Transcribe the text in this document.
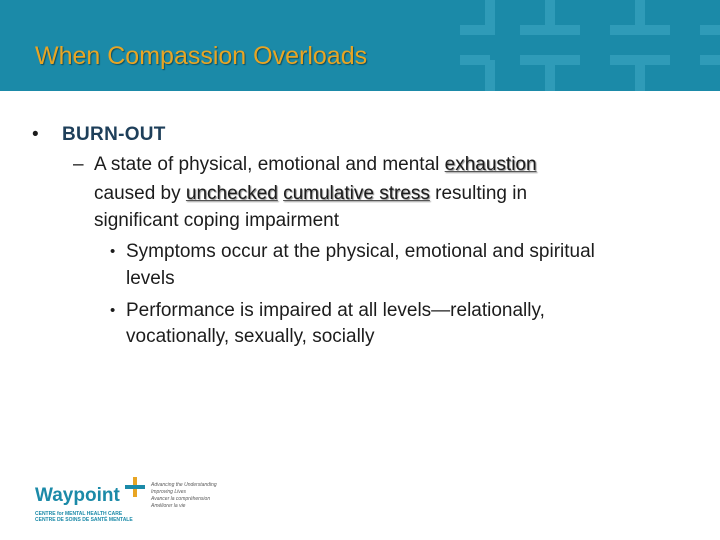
When Compassion Overloads
• BURN-OUT
– A state of physical, emotional and mental exhaustion
caused by unchecked cumulative stress resulting in
significant coping impairment
• Symptoms occur at the physical, emotional and spiritual
levels
• Performance is impaired at all levels—relationally,
vocationally, sexually, socially
Waypoint
CENTRE for MENTAL HEALTH CARE
CENTRE DE SOINS DE SANTÉ MENTALE
Advancing the Understanding
Improving Lives
Avancer la compréhension
Améliorer la vie
